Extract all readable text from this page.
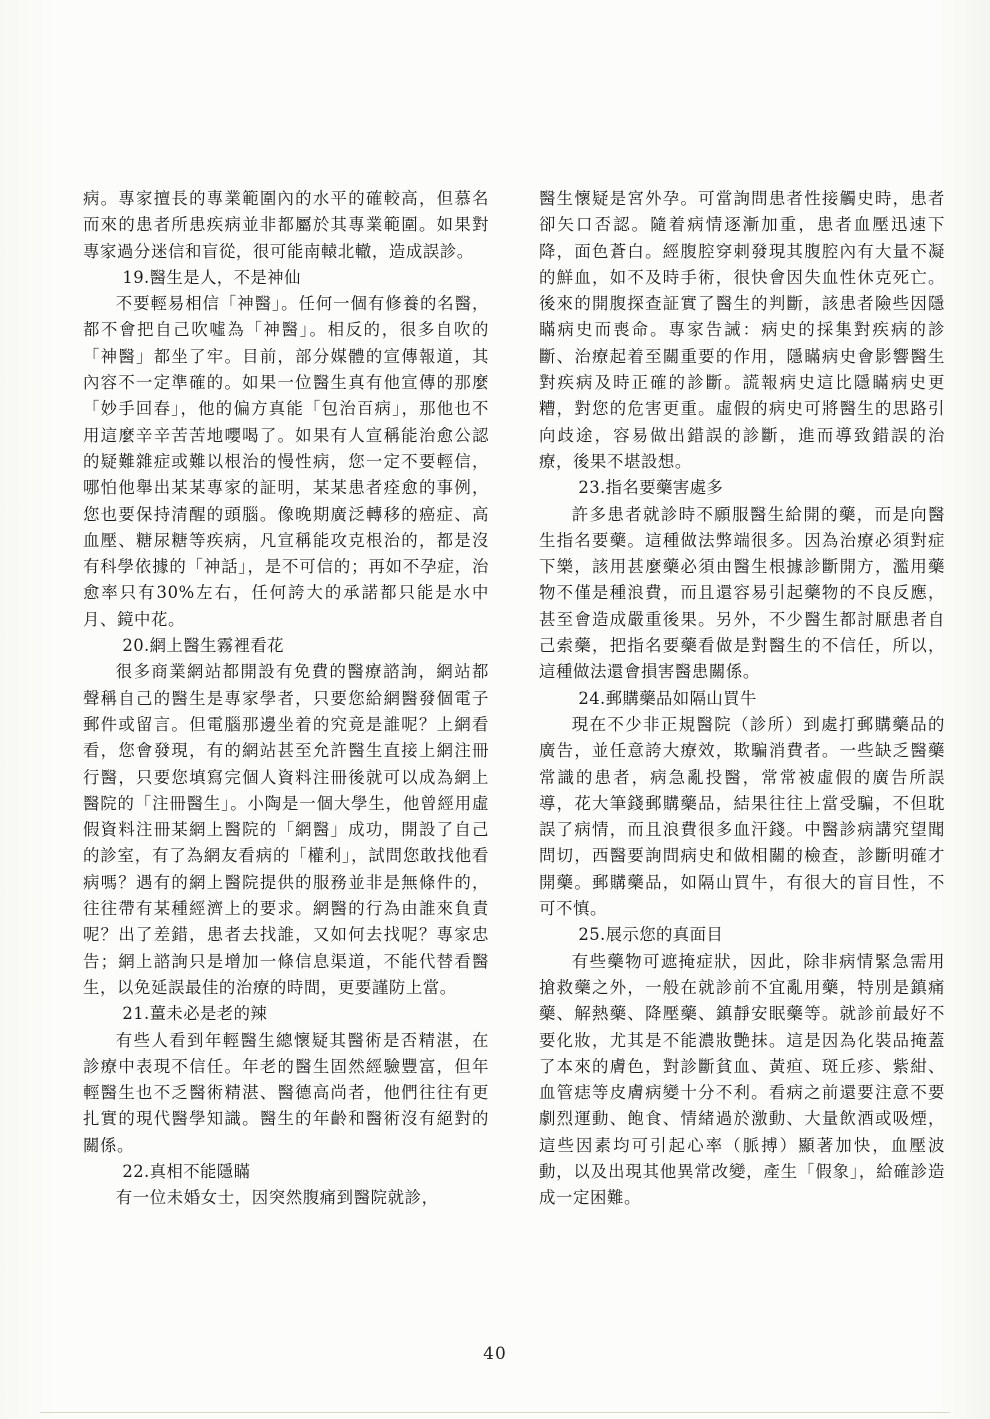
病。專家擅長的專業範圍內的水平的確較高，但慕名而來的患者所患疾病並非都屬於其專業範圍。如果對專家過分迷信和盲從，很可能南轅北轍，造成誤診。

19.醫生是人，不是神仙

不要輕易相信「神醫」。任何一個有修養的名醫，都不會把自己吹噓為「神醫」。相反的，很多自吹的「神醫」都坐了牢。目前，部分媒體的宣傳報道，其內容不一定準確的。如果一位醫生真有他宣傳的那麼「妙手回春」，他的偏方真能「包治百病」，那他也不用這麼辛辛苦苦地嚶喝了。如果有人宣稱能治愈公認的疑難雜症或難以根治的慢性病，您一定不要輕信，哪怕他舉出某某專家的証明，某某患者痊愈的事例，您也要保持清醒的頭腦。像晚期廣泛轉移的癌症、高血壓、糖尿糖等疾病，凡宣稱能攻克根治的，都是沒有科學依據的「神話」，是不可信的；再如不孕症，治愈率只有30%左右，任何誇大的承諾都只能是水中月、鏡中花。

20.網上醫生霧裡看花

很多商業網站都開設有免費的醫療諮詢，網站都聲稱自己的醫生是專家學者，只要您給網醫發個電子郵件或留言。但電腦那邊坐着的究竟是誰呢？上網看看，您會發現，有的網站甚至允許醫生直接上網注冊行醫，只要您填寫完個人資料注冊後就可以成為網上醫院的「注冊醫生」。小陶是一個大學生，他曾經用虛假資料注冊某網上醫院的「網醫」成功，開設了自己的診室，有了為網友看病的「權利」，試問您敢找他看病嗎？遇有的網上醫院提供的服務並非是無條件的，往往帶有某種經濟上的要求。網醫的行為由誰來負責呢？出了差錯，患者去找誰，又如何去找呢？專家忠告；網上諮詢只是增加一條信息渠道，不能代替看醫生，以免延誤最佳的治療的時間，更要謹防上當。

21.薑未必是老的辣

有些人看到年輕醫生總懷疑其醫術是否精湛，在診療中表現不信任。年老的醫生固然經驗豐富，但年輕醫生也不乏醫術精湛、醫德高尚者，他們往往有更扎實的現代醫學知識。醫生的年齡和醫術沒有絕對的關係。

22.真相不能隱瞞

有一位未婚女士，因突然腹痛到醫院就診，

醫生懷疑是宮外孕。可當詢問患者性接觸史時，患者卻矢口否認。隨着病情逐漸加重，患者血壓迅速下降，面色蒼白。經腹腔穿刺發現其腹腔內有大量不凝的鮮血，如不及時手術，很快會因失血性休克死亡。後來的開腹探查証實了醫生的判斷，該患者險些因隱瞞病史而喪命。專家告誡：病史的採集對疾病的診斷、治療起着至關重要的作用，隱瞞病史會影響醫生對疾病及時正確的診斷。謊報病史這比隱瞞病史更糟，對您的危害更重。虛假的病史可將醫生的思路引向歧途，容易做出錯誤的診斷，進而導致錯誤的治療，後果不堪設想。

23.指名要藥害處多

許多患者就診時不願服醫生給開的藥，而是向醫生指名要藥。這種做法弊端很多。因為治療必須對症下樂，該用甚麼藥必須由醫生根據診斷開方，濫用藥物不僅是種浪費，而且還容易引起藥物的不良反應，甚至會造成嚴重後果。另外，不少醫生都討厭患者自己索藥，把指名要藥看做是對醫生的不信任，所以，這種做法還會損害醫患關係。

24.郵購藥品如隔山買牛

現在不少非正規醫院（診所）到處打郵購藥品的廣告，並任意誇大療效，欺騙消費者。一些缺乏醫藥常識的患者，病急亂投醫，常常被虛假的廣告所誤導，花大筆錢郵購藥品，結果往往上當受騙，不但耽誤了病情，而且浪費很多血汗錢。中醫診病講究望聞問切，西醫要詢問病史和做相關的檢查，診斷明確才開藥。郵購藥品，如隔山買牛，有很大的盲目性，不可不慎。

25.展示您的真面目

有些藥物可遮掩症狀，因此，除非病情緊急需用搶救藥之外，一般在就診前不宜亂用藥，特別是鎮痛藥、解熱藥、降壓藥、鎮靜安眠藥等。就診前最好不要化妝，尤其是不能濃妝艷抹。這是因為化裝品掩蓋了本來的膚色，對診斷貧血、黃疸、斑丘疹、紫紺、血管痣等皮膚病變十分不利。看病之前還要注意不要劇烈運動、飽食、情緒過於激動、大量飲酒或吸煙，這些因素均可引起心率（脈搏）顯著加快，血壓波動，以及出現其他異常改變，產生「假象」，給確診造成一定困難。

40
